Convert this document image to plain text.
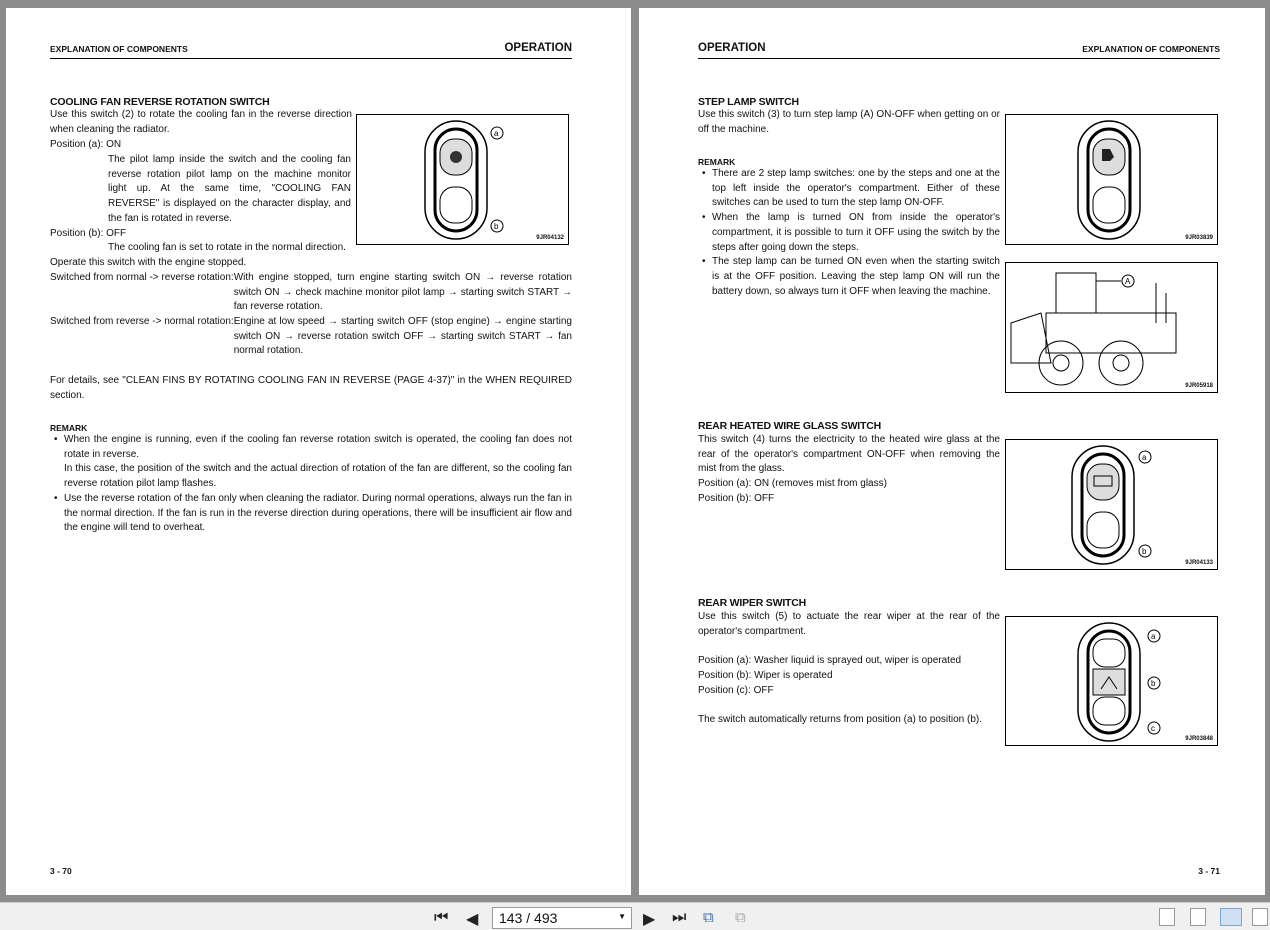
EXPLANATION OF COMPONENTS	OPERATION
COOLING FAN REVERSE ROTATION SWITCH
Use this switch (2) to rotate the cooling fan in the reverse direction when cleaning the radiator.
Position (a): ON
The pilot lamp inside the switch and the cooling fan reverse rotation pilot lamp on the machine monitor light up. At the same time, "COOLING FAN REVERSE" is displayed on the character display, and the fan is rotated in reverse.
Position (b): OFF
The cooling fan is set to rotate in the normal direction.
Operate this switch with the engine stopped.
Switched from normal -> reverse rotation: With engine stopped, turn engine starting switch ON → reverse rotation switch ON → check machine monitor pilot lamp → starting switch START → fan reverse rotation.
Switched from reverse -> normal rotation: Engine at low speed → starting switch OFF (stop engine) → engine starting switch ON → reverse rotation switch OFF → starting switch START → fan normal rotation.
For details, see "CLEAN FINS BY ROTATING COOLING FAN IN REVERSE (PAGE 4-37)" in the WHEN REQUIRED section.
REMARK
• When the engine is running, even if the cooling fan reverse rotation switch is operated, the cooling fan does not rotate in reverse.
In this case, the position of the switch and the actual direction of rotation of the fan are different, so the cooling fan reverse rotation pilot lamp flashes.
• Use the reverse rotation of the fan only when cleaning the radiator. During normal operations, always run the fan in the normal direction. If the fan is run in the reverse direction during operations, there will be insufficient air flow and the engine will tend to overheat.
a
b
9JR04132
3 - 70
OPERATION	EXPLANATION OF COMPONENTS
STEP LAMP SWITCH
Use this switch (3) to turn step lamp (A) ON-OFF when getting on or off the machine.
REMARK
• There are 2 step lamp switches: one by the steps and one at the top left inside the operator's compartment. Either of these switches can be used to turn the step lamp ON-OFF.
• When the lamp is turned ON from inside the operator's compartment, it is possible to turn it OFF using the switch by the steps after going down the steps.
• The step lamp can be turned ON even when the starting switch is at the OFF position. Leaving the step lamp ON will run the battery down, so always turn it OFF when leaving the machine.
9JR03839
A
9JR05918
REAR HEATED WIRE GLASS SWITCH
This switch (4) turns the electricity to the heated wire glass at the rear of the operator's compartment ON-OFF when removing the mist from the glass.
Position (a): ON (removes mist from glass)
Position (b): OFF
a
b
9JR04133
REAR WIPER SWITCH
Use this switch (5) to actuate the rear wiper at the rear of the operator's compartment.
Position (a): Washer liquid is sprayed out, wiper is operated
Position (b): Wiper is operated
Position (c): OFF
The switch automatically returns from position (a) to position (b).
a
b
c
9JR03848
3 - 71
⏮ ◀	143 / 493	▼ ▶ ⏭ ⧉ ⧉
